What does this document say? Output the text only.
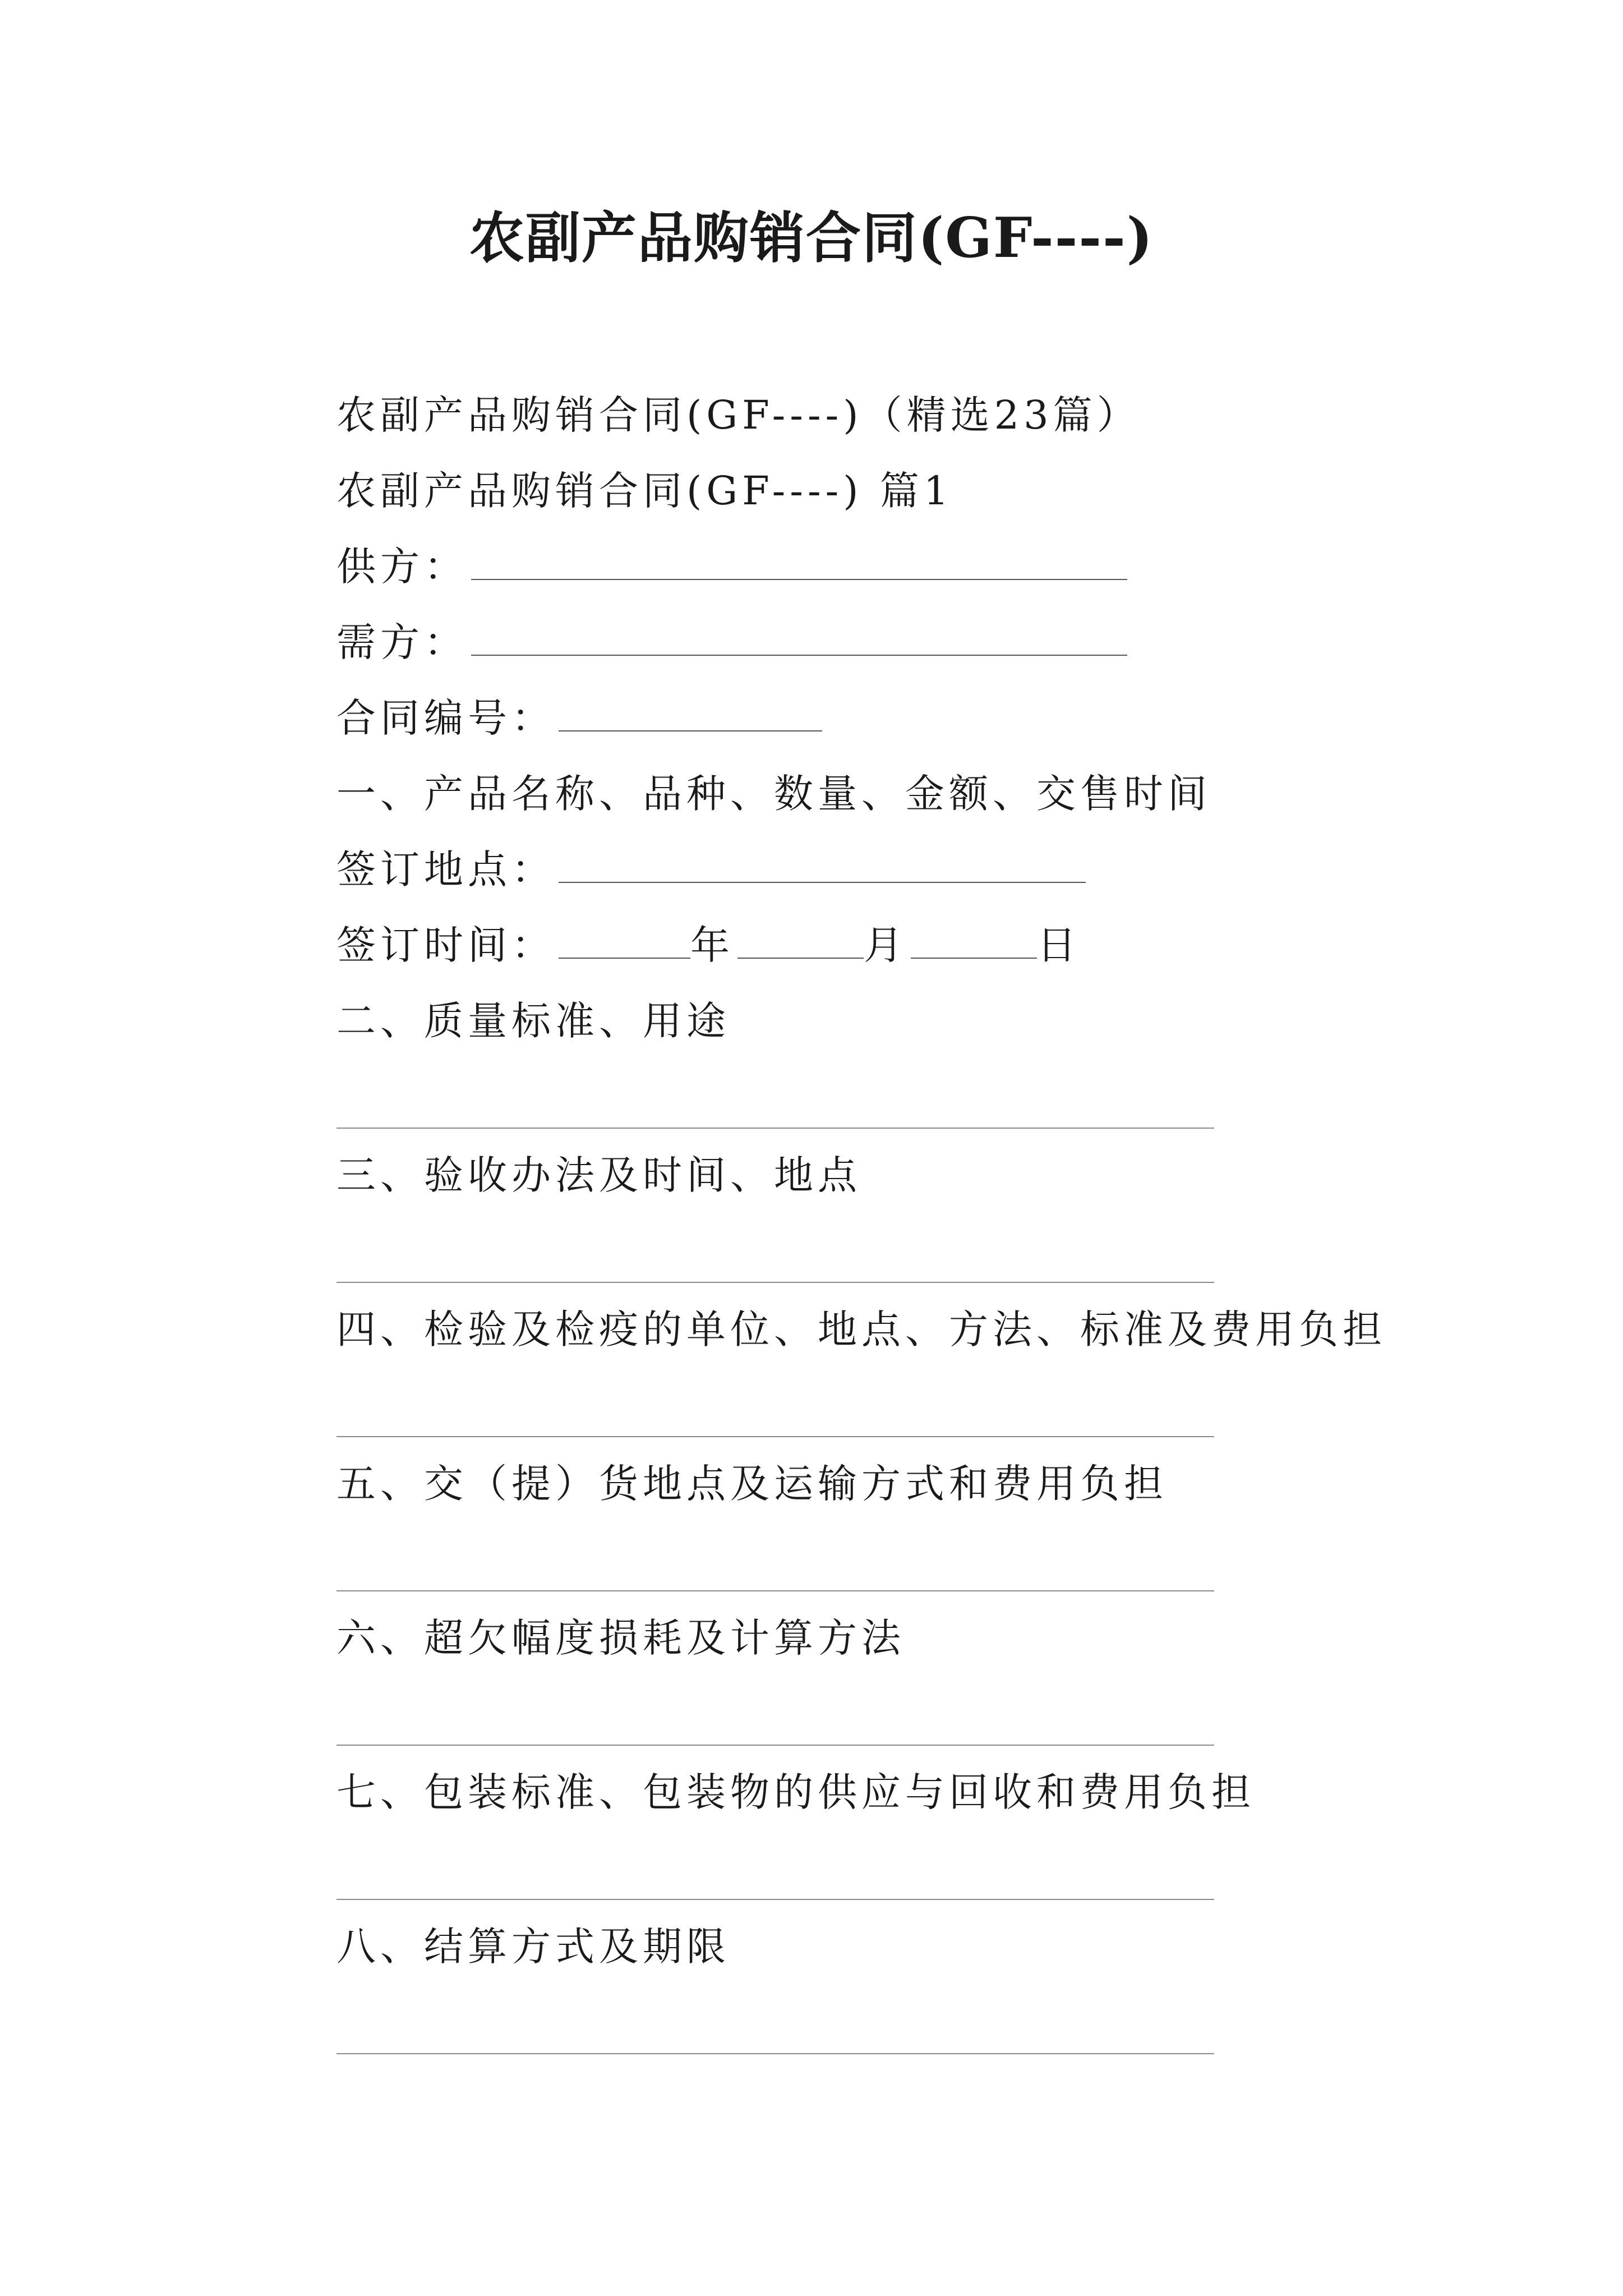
农副产品购销合同(GF----)
农副产品购销合同(GF----)（精选23篇）
农副产品购销合同(GF----) 篇1
供方：
需方：
合同编号：
一、产品名称、品种、数量、金额、交售时间
签订地点：
签订时间：	年	月	日
二、质量标准、用途
三、验收办法及时间、地点
四、检验及检疫的单位、地点、方法、标准及费用负担
五、交（提）货地点及运输方式和费用负担
六、超欠幅度损耗及计算方法
七、包装标准、包装物的供应与回收和费用负担
八、结算方式及期限
